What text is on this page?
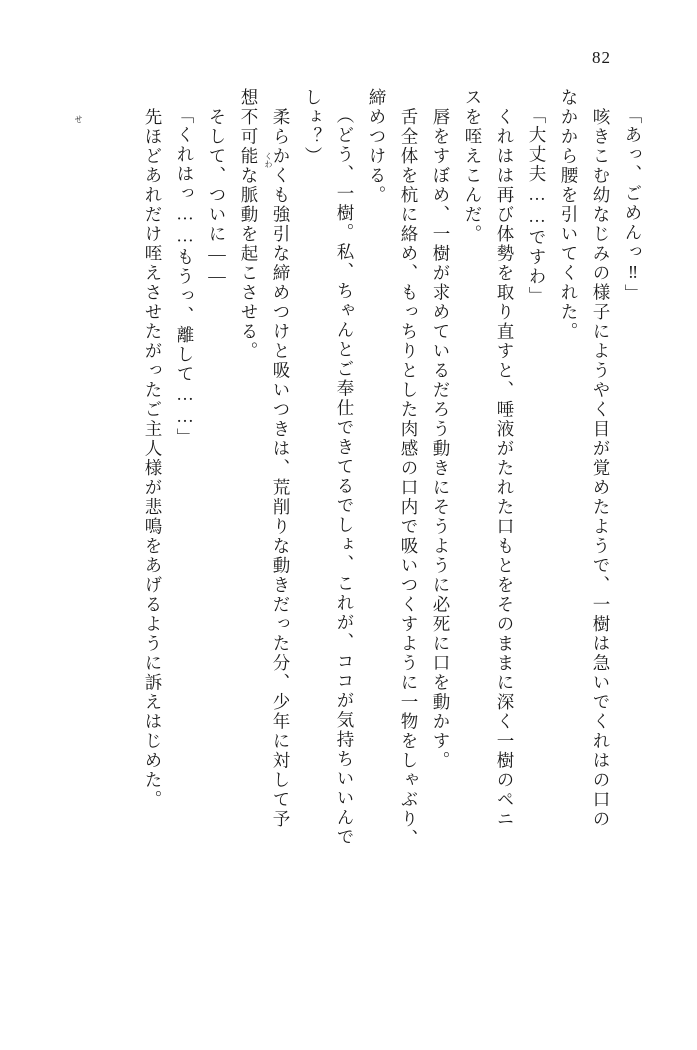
82
「あっ、ごめんっ‼」
　咳きこむ幼なじみの様子にようやく目が覚めたようで、一樹は急いでくれはの口の
なかから腰を引いてくれた。
「大丈夫……ですわ」
　くれはは再び体勢を取り直すと、唾液がたれた口もとをそのままに深く一樹のペニ
スを咥えこんだ。
　唇をすぼめ、一樹が求めているだろう動きにそうように必死に口を動かす。
　舌全体を杭に絡め、もっちりとした肉感の口内で吸いつくすように一物をしゃぶり、
締めつける。
（どう、一樹。私、ちゃんとご奉仕できてるでしょ、これが、ココが気持ちいいんで
しょ？）
　柔らかくも強引な締めつけと吸いつきは、荒削りな動きだった分、少年に対して予
想不可能な脈動を起こさせる。
　そして、ついに――
「くれはっ……もうっ、離して……」
　先ほどあれだけ咥えさせたがったご主人様が悲鳴をあげるように訴えはじめた。
せ
くわ
